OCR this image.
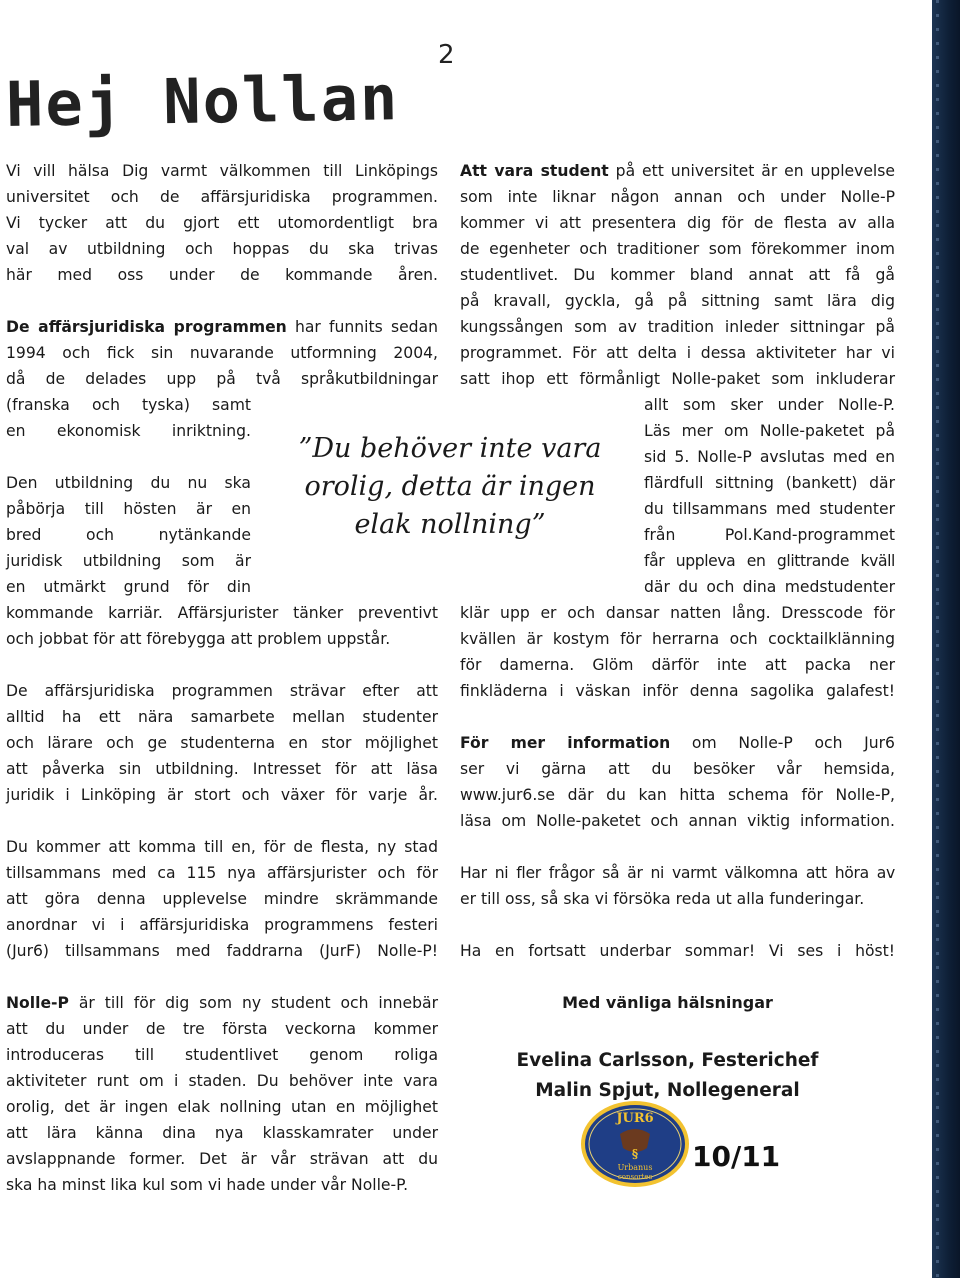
2
Hej Nollan

Vi vill hälsa Dig varmt välkommen till Linköpings
universitet och de affärsjuridiska programmen.
Vi tycker att du gjort ett utomordentligt bra
val av utbildning och hoppas du ska trivas
här med oss under de kommande åren.

De affärsjuridiska programmen har funnits sedan
1994 och fick sin nuvarande utformning 2004,
då de delades upp på två språkutbildningar
(franska och tyska) samt
en ekonomisk inriktning.

Den utbildning du nu ska
påbörja till hösten är en
bred och nytänkande
juridisk utbildning som är
en utmärkt grund för din
kommande karriär. Affärsjurister tänker preventivt
och jobbat för att förebygga att problem uppstår.

De affärsjuridiska programmen strävar efter att
alltid ha ett nära samarbete mellan studenter
och lärare och ge studenterna en stor möjlighet
att påverka sin utbildning. Intresset för att läsa
juridik i Linköping är stort och växer för varje år.

Du kommer att komma till en, för de flesta, ny stad
tillsammans med ca 115 nya affärsjurister och för
att göra denna upplevelse mindre skrämmande
anordnar vi i affärsjuridiska programmens festeri
(Jur6) tillsammans med faddrarna (JurF) Nolle-P!

Nolle-P är till för dig som ny student och innebär
att du under de tre första veckorna kommer
introduceras till studentlivet genom roliga
aktiviteter runt om i staden. Du behöver inte vara
orolig, det är ingen elak nollning utan en möjlighet
att lära känna dina nya klasskamrater under
avslappnande former. Det är vår strävan att du
ska ha minst lika kul som vi hade under vår Nolle-P.

”Du behöver inte vara orolig, detta är ingen elak nollning”

Att vara student på ett universitet är en upplevelse
som inte liknar någon annan och under Nolle-P
kommer vi att presentera dig för de flesta av alla
de egenheter och traditioner som förekommer inom
studentlivet. Du kommer bland annat att få gå
på kravall, gyckla, gå på sittning samt lära dig
kungssången som av tradition inleder sittningar på
programmet. För att delta i dessa aktiviteter har vi
satt ihop ett förmånligt Nolle-paket som inkluderar
allt som sker under Nolle-P.
Läs mer om Nolle-paketet på
sid 5. Nolle-P avslutas med en
flärdfull sittning (bankett) där
du tillsammans med studenter
från Pol.Kand-programmet
får uppleva en glittrande kväll
där du och dina medstudenter
klär upp er och dansar natten lång. Dresscode för
kvällen är kostym för herrarna och cocktailklänning
för damerna. Glöm därför inte att packa ner
finkläderna i väskan inför denna sagolika galafest!

För mer information om Nolle-P och Jur6
ser vi gärna att du besöker vår hemsida,
www.jur6.se där du kan hitta schema för Nolle-P,
läsa om Nolle-paketet och annan viktig information.

Har ni fler frågor så är ni varmt välkomna att höra av
er till oss, så ska vi försöka reda ut alla funderingar.

Ha en fortsatt underbar sommar! Vi ses i höst!

Med vänliga hälsningar
Evelina Carlsson, Festerichef
Malin Spjut, Nollegeneral
JUR6
§
Urbanus
consortes
10/11
